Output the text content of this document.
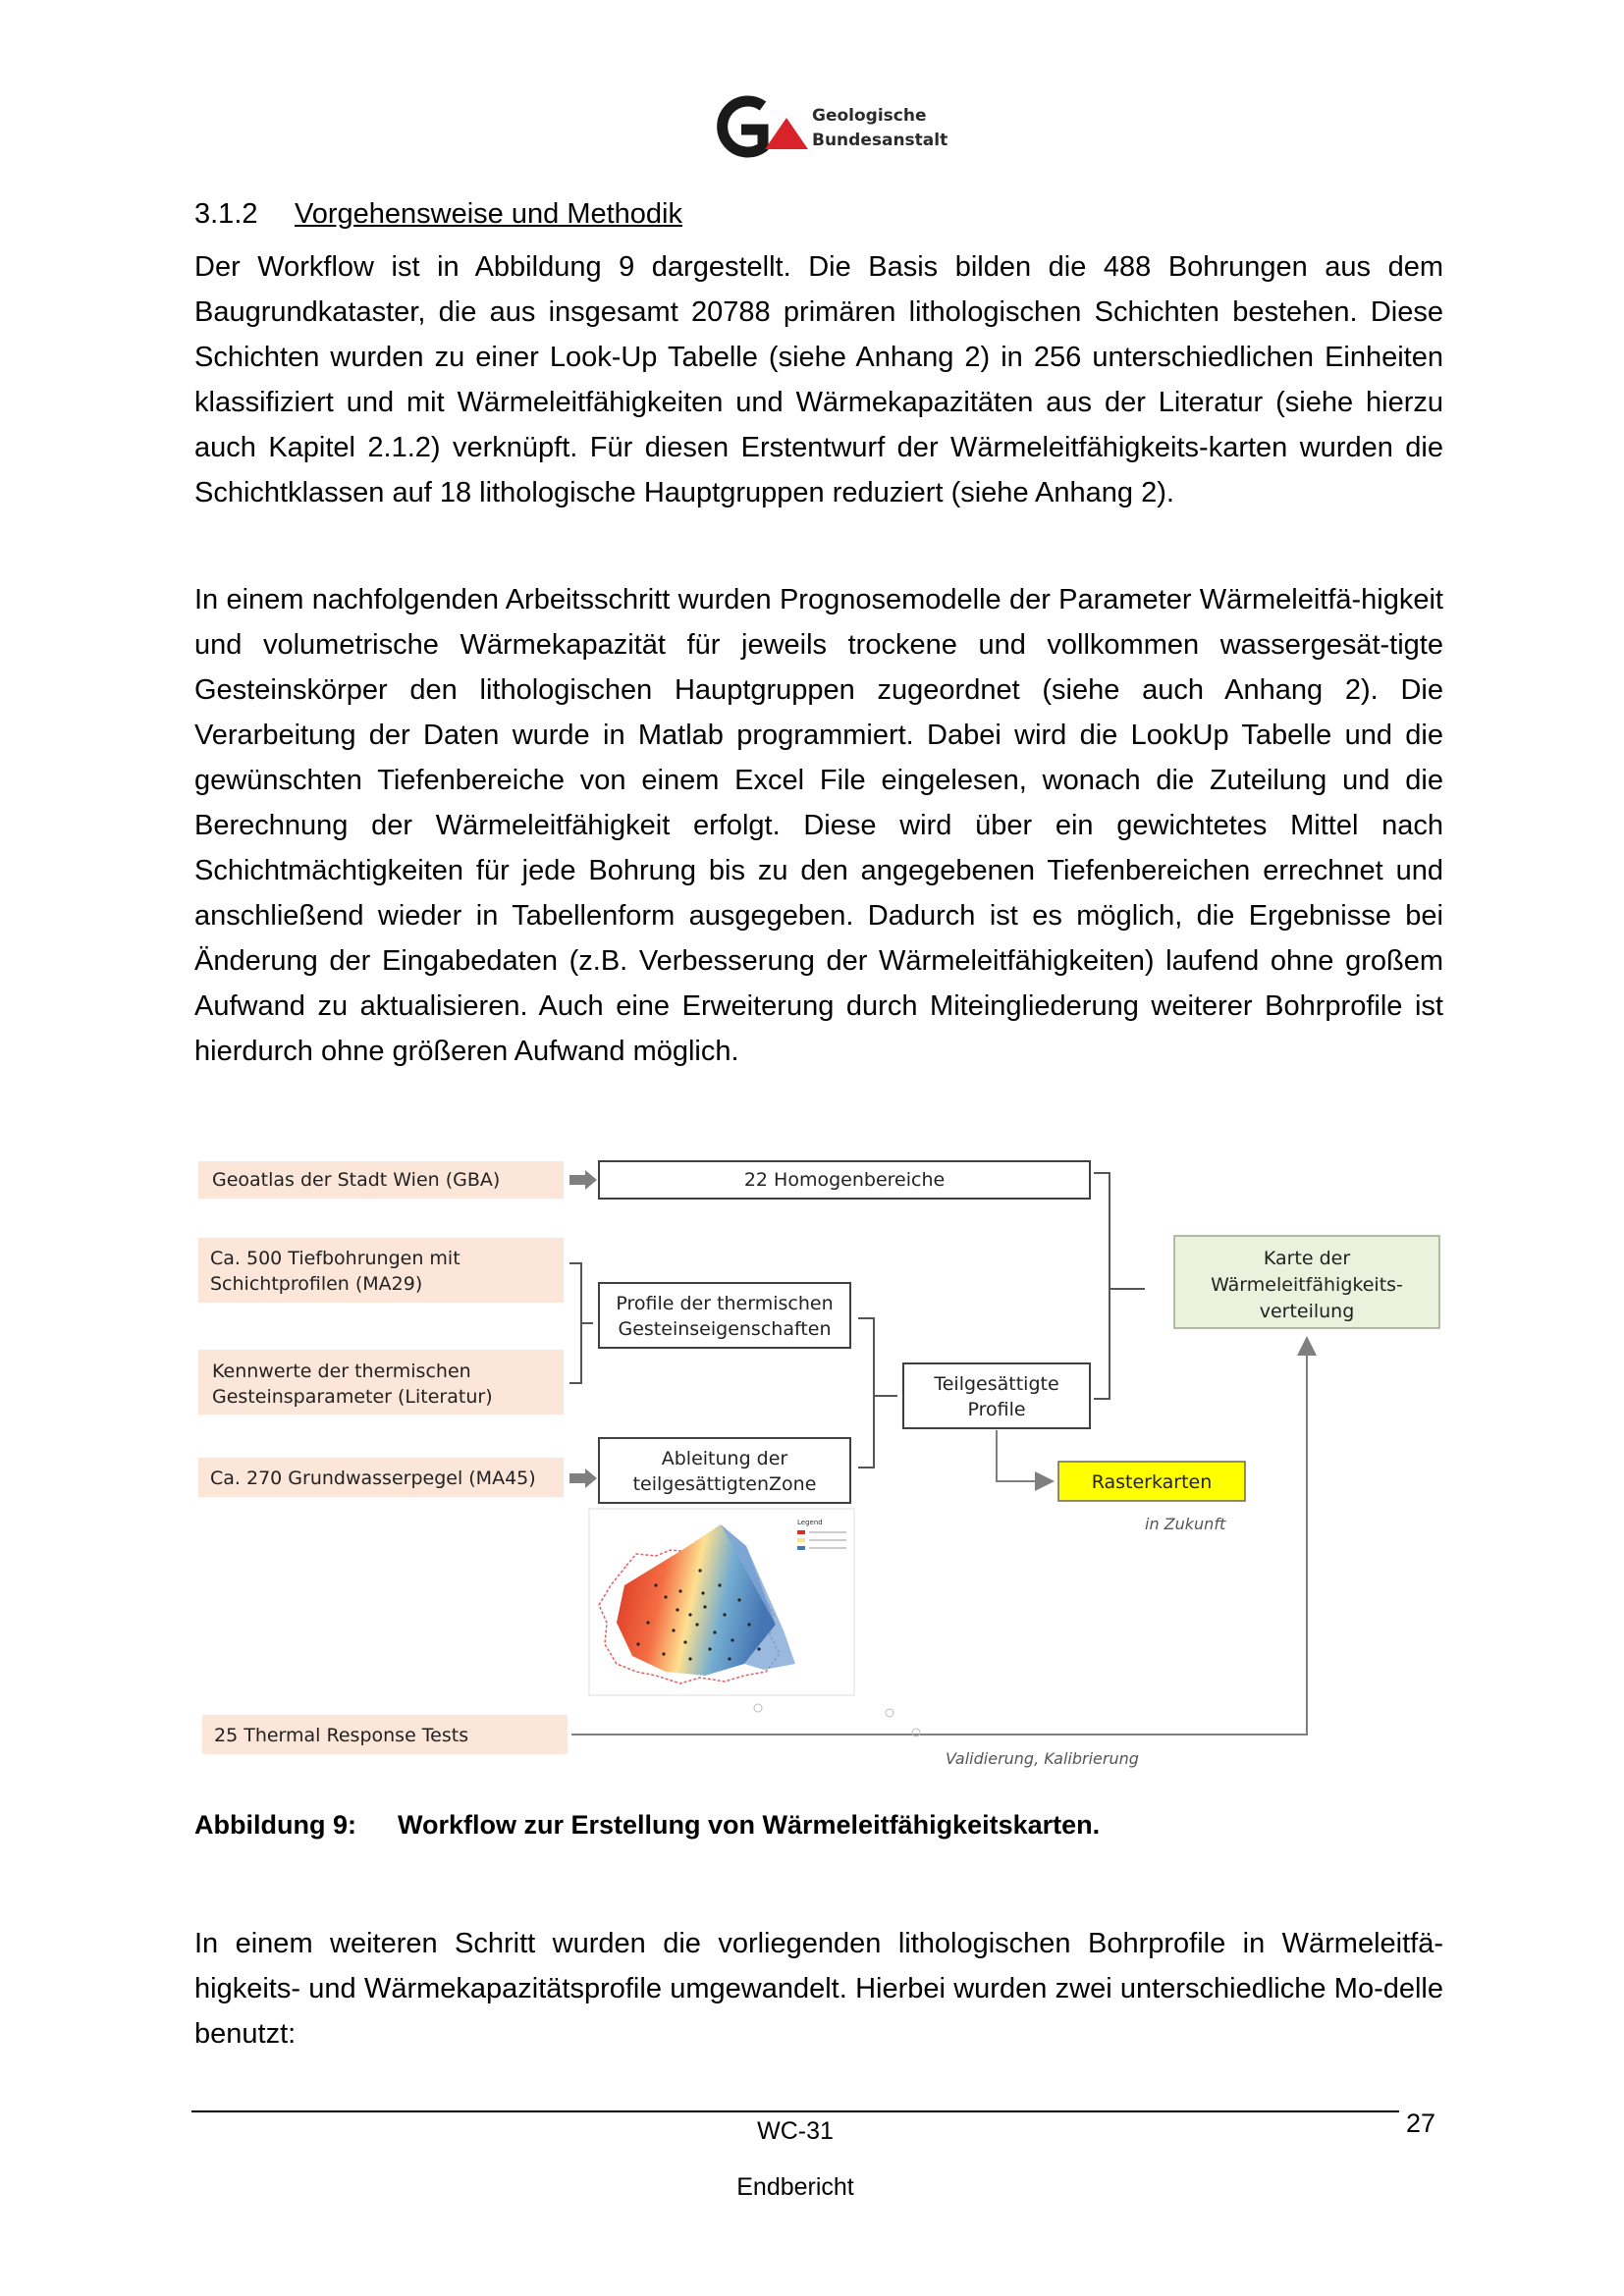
Geologische
Bundesanstalt
3.1.2 Vorgehensweise und Methodik

Der Workflow ist in Abbildung 9 dargestellt. Die Basis bilden die 488 Bohrungen aus dem Baugrundkataster, die aus insgesamt 20788 primären lithologischen Schichten bestehen. Diese Schichten wurden zu einer Look-Up Tabelle (siehe Anhang 2) in 256 unterschiedlichen Einheiten klassifiziert und mit Wärmeleitfähigkeiten und Wärmekapazitäten aus der Literatur (siehe hierzu auch Kapitel 2.1.2) verknüpft. Für diesen Erstentwurf der Wärmeleitfähigkeits-karten wurden die Schichtklassen auf 18 lithologische Hauptgruppen reduziert (siehe Anhang 2).

In einem nachfolgenden Arbeitsschritt wurden Prognosemodelle der Parameter Wärmeleitfä-higkeit und volumetrische Wärmekapazität für jeweils trockene und vollkommen wassergesät-tigte Gesteinskörper den lithologischen Hauptgruppen zugeordnet (siehe auch Anhang 2). Die Verarbeitung der Daten wurde in Matlab programmiert. Dabei wird die LookUp Tabelle und die gewünschten Tiefenbereiche von einem Excel File eingelesen, wonach die Zuteilung und die Berechnung der Wärmeleitfähigkeit erfolgt. Diese wird über ein gewichtetes Mittel nach Schichtmächtigkeiten für jede Bohrung bis zu den angegebenen Tiefenbereichen errechnet und anschließend wieder in Tabellenform ausgegeben. Dadurch ist es möglich, die Ergebnisse bei Änderung der Eingabedaten (z.B. Verbesserung der Wärmeleitfähigkeiten) laufend ohne großem Aufwand zu aktualisieren. Auch eine Erweiterung durch Miteingliederung weiterer Bohrprofile ist hierdurch ohne größeren Aufwand möglich.

Geoatlas der Stadt Wien (GBA)
Ca. 500 Tiefbohrungen mit
Schichtprofilen (MA29)
Kennwerte der thermischen
Gesteinsparameter (Literatur)
Ca. 270 Grundwasserpegel (MA45)
25 Thermal Response Tests
22 Homogenbereiche
Profile der thermischen
Gesteinseigenschaften
Ableitung der
teilgesättigtenZone
Teilgesättigte
Profile
Karte der
Wärmeleitfähigkeits-
verteilung
Rasterkarten
in Zukunft
Validierung, Kalibrierung
Legend
Abbildung 9: Workflow zur Erstellung von Wärmeleitfähigkeitskarten.

In einem weiteren Schritt wurden die vorliegenden lithologischen Bohrprofile in Wärmeleitfä-higkeits- und Wärmekapazitätsprofile umgewandelt. Hierbei wurden zwei unterschiedliche Mo-delle benutzt:

WC-31	27
Endbericht
